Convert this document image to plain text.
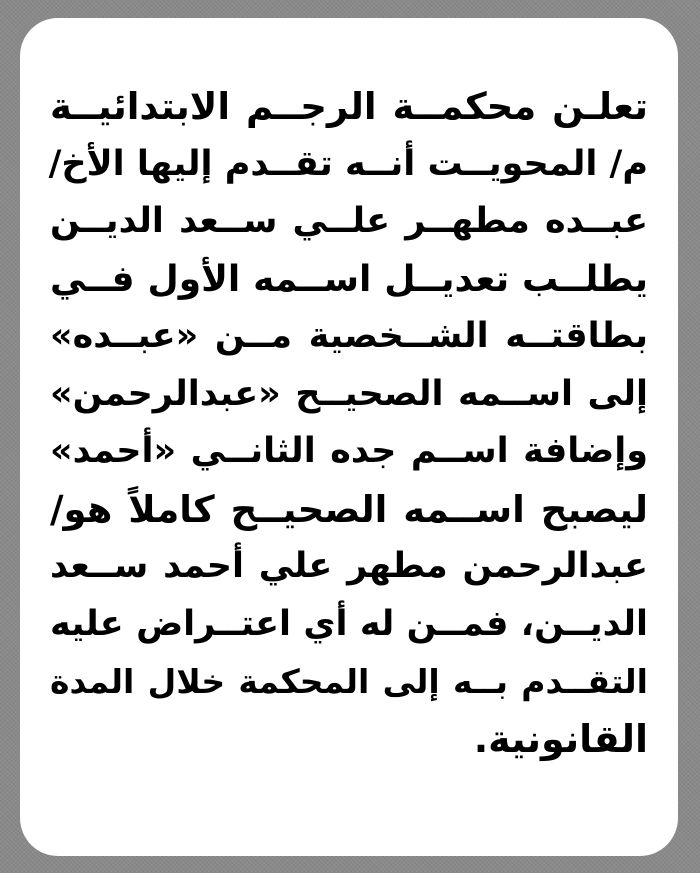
تعلـن محكمــة الرجــم الابتدائيــة
م/ المحويــت أنــه تقــدم إليها الأخ/
عبــده مطهــر علــي ســعد الديــن
يطلــب تعديــل اســمه الأول فــي
بطاقتــه الشــخصية مــن «عبــده»
إلى اســمه الصحيــح «عبدالرحمن»
وإضافة اســم جده الثانــي «أحمد»
ليصبح اســمه الصحيــح كاملاً هو/
عبدالرحمن مطهر علي أحمد ســعد
الديــن، فمــن له أي اعتــراض عليه
التقــدم بــه إلى المحكمة خلال المدة
القانونية.
